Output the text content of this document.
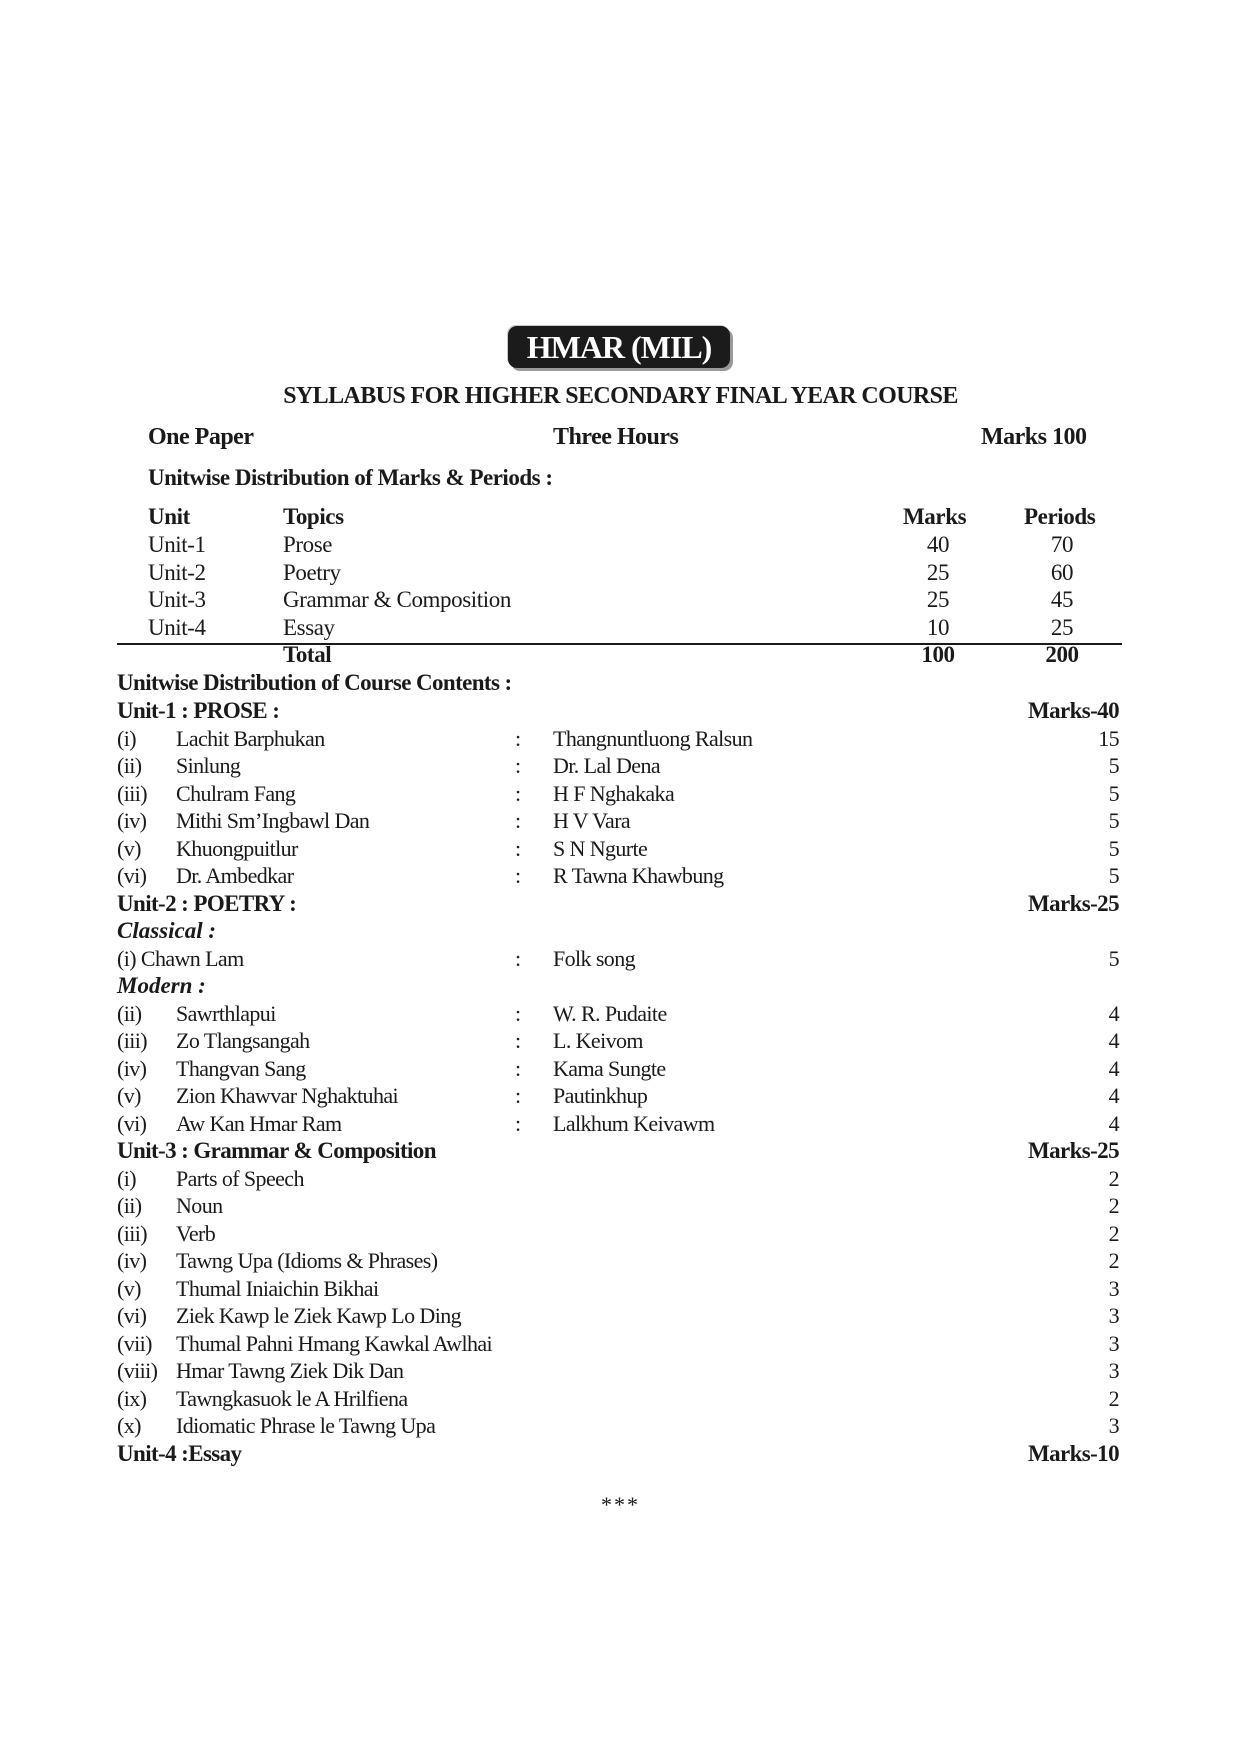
HMAR (MIL)
SYLLABUS FOR HIGHER SECONDARY FINAL YEAR COURSE
One Paper	Three Hours	Marks 100
Unitwise Distribution of Marks & Periods :
Unit	Topics	Marks	Periods
Unit-1	Prose	40	70
Unit-2	Poetry	25	60
Unit-3	Grammar & Composition	25	45
Unit-4	Essay	10	25
Total	100	200
Unitwise Distribution of Course Contents :
Unit-1 : PROSE :	Marks-40
(i) Lachit Barphukan	: Thangnuntluong Ralsun	15
(ii) Sinlung	: Dr. Lal Dena	5
(iii) Chulram Fang	: H F Nghakaka	5
(iv) Mithi Sm’Ingbawl Dan	: H V Vara	5
(v) Khuongpuitlur	: S N Ngurte	5
(vi) Dr. Ambedkar	: R Tawna Khawbung	5
Unit-2 : POETRY :	Marks-25
Classical :
(i) Chawn Lam	: Folk song	5
Modern :
(ii) Sawrthlapui	: W. R. Pudaite	4
(iii) Zo Tlangsangah	: L. Keivom	4
(iv) Thangvan Sang	: Kama Sungte	4
(v) Zion Khawvar Nghaktuhai	: Pautinkhup	4
(vi) Aw Kan Hmar Ram	: Lalkhum Keivawm	4
Unit-3 : Grammar & Composition	Marks-25
(i) Parts of Speech	2
(ii) Noun	2
(iii) Verb	2
(iv) Tawng Upa (Idioms & Phrases)	2
(v) Thumal Iniaichin Bikhai	3
(vi) Ziek Kawp le Ziek Kawp Lo Ding	3
(vii) Thumal Pahni Hmang Kawkal Awlhai	3
(viii) Hmar Tawng Ziek Dik Dan	3
(ix) Tawngkasuok le A Hrilfiena	2
(x) Idiomatic Phrase le Tawng Upa	3
Unit-4 :Essay	Marks-10
***
